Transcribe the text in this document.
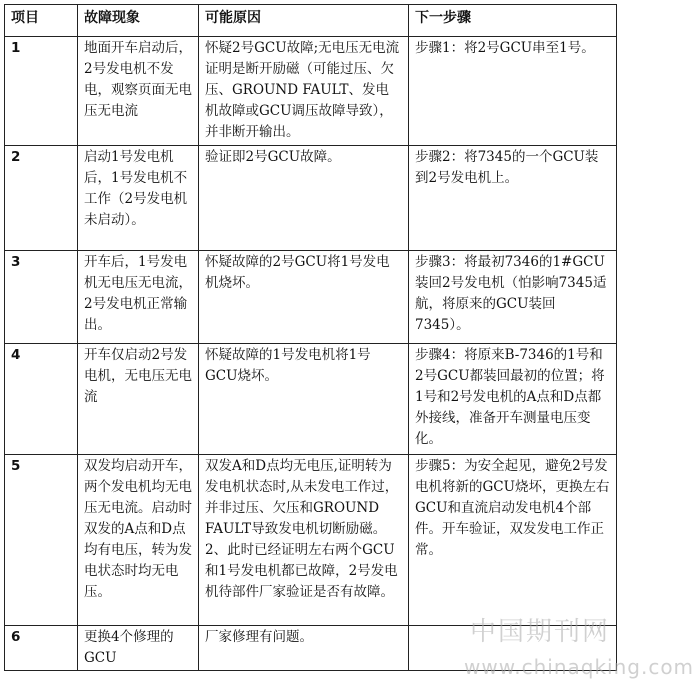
项目	故障现象	可能原因	下一步骤
1	地面开车启动后，2号发电机不发电，观察页面无电压无电流	怀疑2号GCU故障;无电压无电流证明是断开励磁（可能过压、欠压、GROUND FAULT、发电机故障或GCU调压故障导致），并非断开输出。	步骤1：将2号GCU串至1号。
2	启动1号发电机后，1号发电机不工作（2号发电机未启动）。	验证即2号GCU故障。	步骤2：将7345的一个GCU装到2号发电机上。
3	开车后，1号发电机无电压无电流，2号发电机正常输出。	怀疑故障的2号GCU将1号发电机烧坏。	步骤3：将最初7346的1#GCU装回2号发电机（怕影响7345适航，将原来的GCU装回7345）。
4	开车仅启动2号发电机，无电压无电流	怀疑故障的1号发电机将1号GCU烧坏。	步骤4：将原来B-7346的1号和2号GCU都装回最初的位置；将1号和2号发电机的A点和D点都外接线，准备开车测量电压变化。
5	双发均启动开车，两个发电机均无电压无电流。启动时双发的A点和D点均有电压，转为发电状态时均无电压。	双发A和D点均无电压,证明转为发电机状态时,从未发电工作过，并非过压、欠压和GROUND FAULT导致发电机切断励磁。 2、此时已经证明左右两个GCU和1号发电机都已故障，2号发电机待部件厂家验证是否有故障。	步骤5：为安全起见，避免2号发电机将新的GCU烧坏，更换左右GCU和直流启动发电机4个部件。开车验证，双发发电工作正常。
6	更换4个修理的GCU	厂家修理有问题。		中国期刊网
www.chinaqking.com
